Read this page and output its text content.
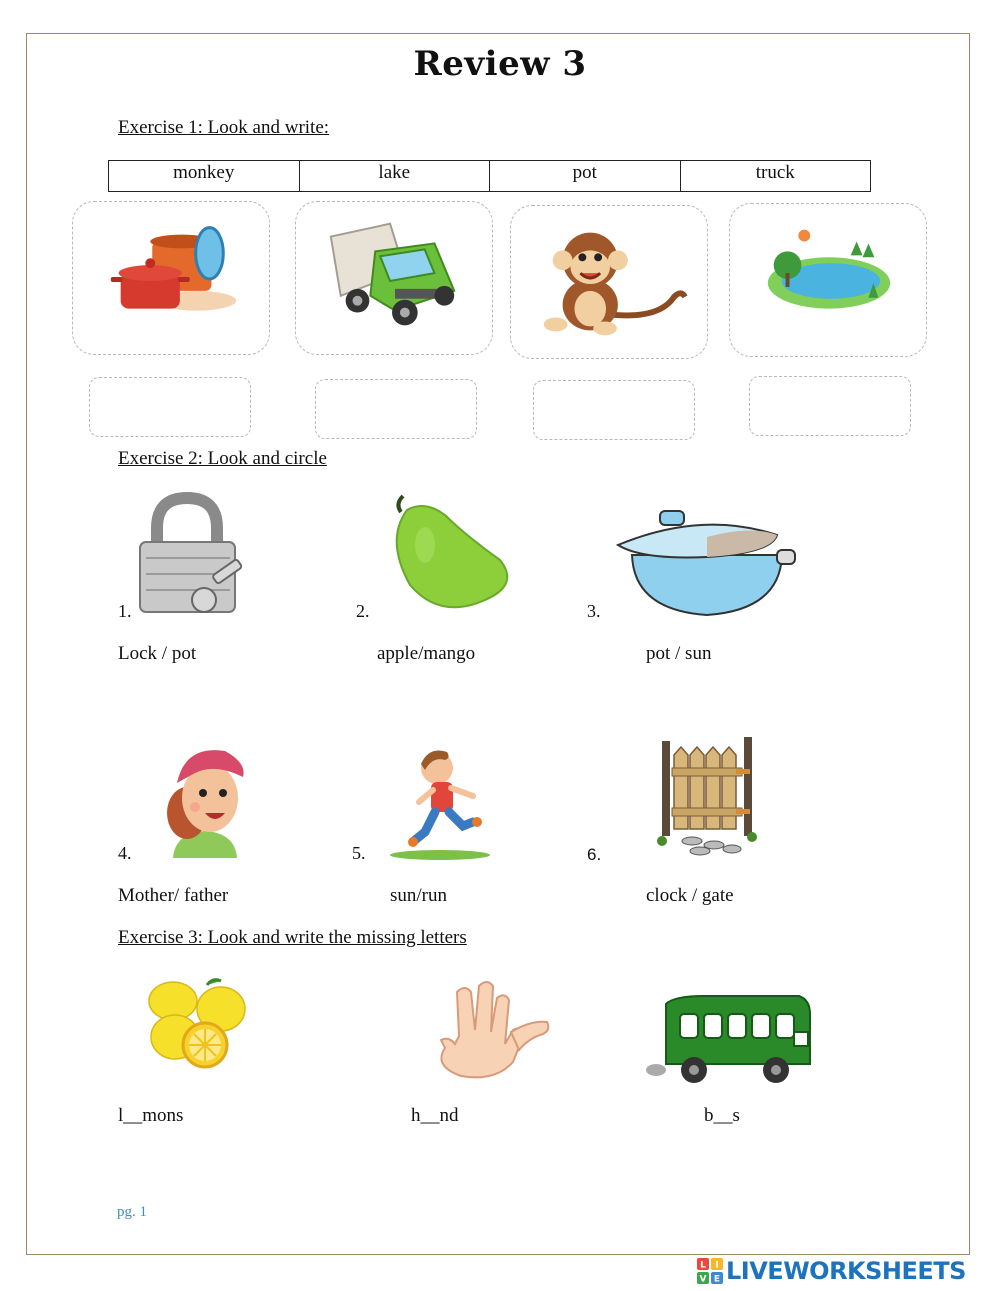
Review 3
Exercise 1: Look and write:
monkey	lake	pot	truck
Exercise 2: Look and circle
1.
Lock / pot
2.
apple/mango
3.
pot / sun
4.
Mother/ father
5.
sun/run
6.
clock / gate
Exercise 3: Look and write the missing letters
l__mons	h__nd	b__s
pg. 1
L I
V E LIVEWORKSHEETS
